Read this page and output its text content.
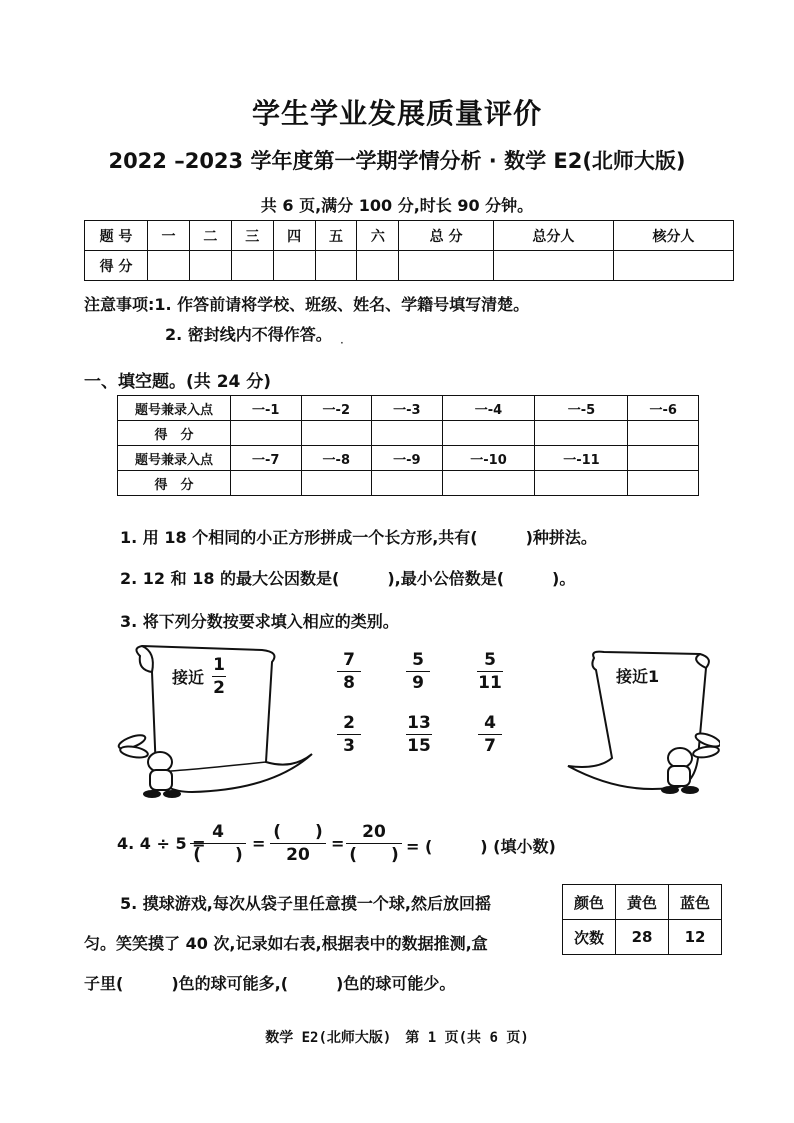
学生学业发展质量评价
2022 –2023 学年度第一学期学情分析 · 数学 E2(北师大版)
共 6 页,满分 100 分,时长 90 分钟。
题 号	一	二	三	四	五	六	总 分	总分人	核分人
得 分									
注意事项:1. 作答前请将学校、班级、姓名、学籍号填写清楚。
2. 密封线内不得作答。 ·
一、填空题。(共 24 分)
题号兼录入点	一-1	一-2	一-3	一-4	一-5	一-6
得　分						
题号兼录入点	一-7	一-8	一-9	一-10	一-11	
得　分						
1. 用 18 个相同的小正方形拼成一个长方形,共有(　　　)种拼法。
2. 12 和 18 的最大公因数是(　　　),最小公倍数是(　　　)。
3. 将下列分数按要求填入相应的类别。
接近
1
2
接近1
7
8
5
9
5
11
2
3
13
15
4
7
4. 4 ÷ 5 =
4
(　　)
=
(　　)
20
=
20
(　　) = (　　　) (填小数)
5. 摸球游戏,每次从袋子里任意摸一个球,然后放回摇
匀。笑笑摸了 40 次,记录如右表,根据表中的数据推测,盒
子里(　　　)色的球可能多,(　　　)色的球可能少。
颜色	黄色	蓝色
次数	28	12
数学 E2(北师大版)　第 1 页(共 6 页)
